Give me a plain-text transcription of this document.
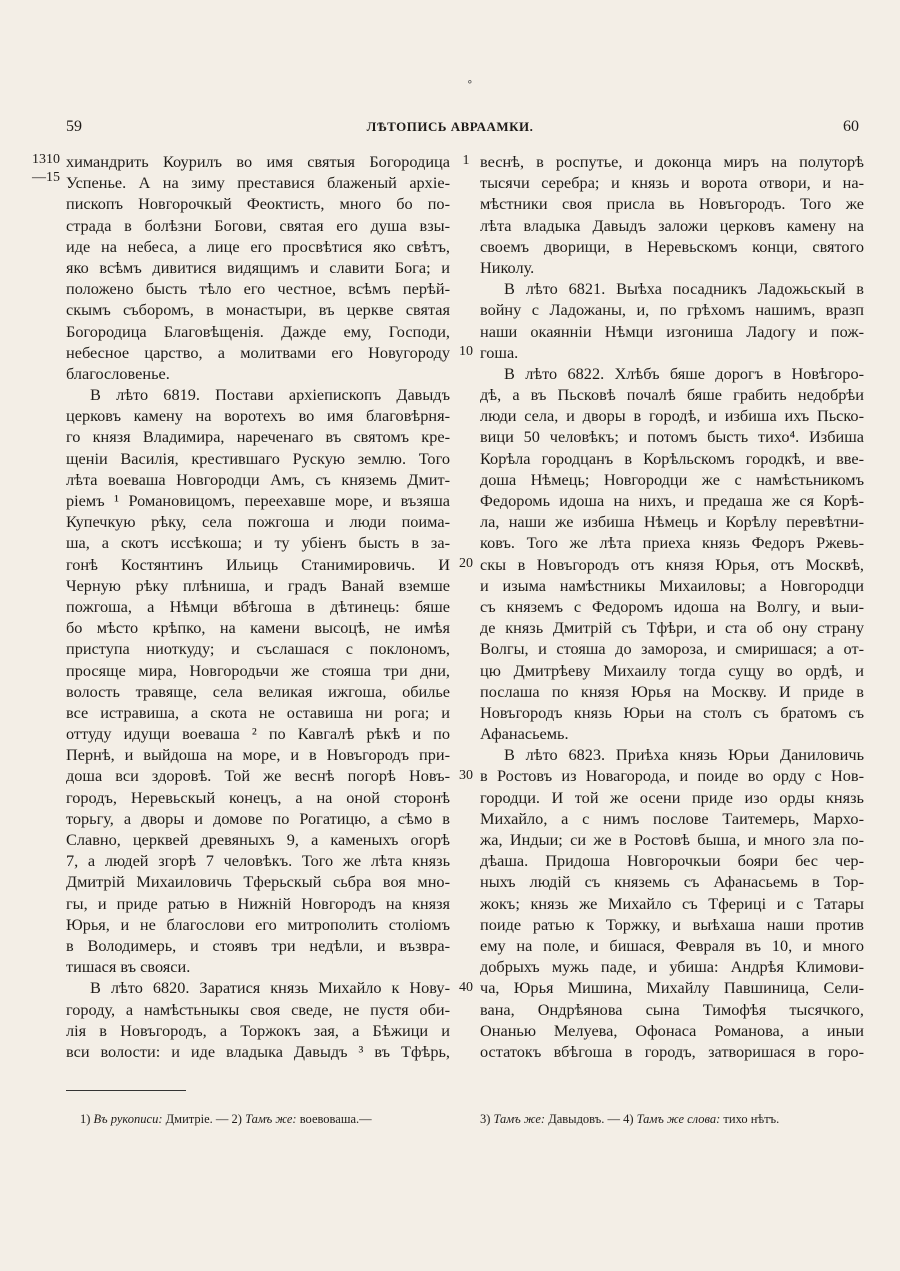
°
59	ЛѢТОПИСЬ АВРААМКИ.	60
1310
—15
1
10
20
30
40
химандрить Коурилъ во имя святыя Богородица
Успенье. А на зиму преставися блаженый архіе-
пископъ Новгорочкый Феоктисть, много бо по-
страда в болѣзни Богови, святая его душа взы-
иде на небеса, а лице его просвѣтися яко свѣтъ,
яко всѣмъ дивитися видящимъ и славити Бога; и
положено бысть тѣло его честное, всѣмъ перѣй-
скымъ съборомъ, в монастыри, въ церкве святая
Богородица Благовѣщенія. Дажде ему, Господи,
небесное царство, а молитвами его Новугороду
благословенье.
В лѣто 6819. Постави архіепископъ Давыдъ
церковъ камену на воротехъ во имя благовѣрня-
го князя Владимира, нареченаго въ святомъ кре-
щеніи Василія, крестившаго Рускую землю. Того
лѣта воеваша Новгородци Амъ, съ княземь Дмит-
ріемъ ¹ Романовицомъ, переехавше море, и възяша
Купечкую рѣку, села пожгоша и люди поима-
ша, а скотъ иссѣкоша; и ту убіенъ бысть в за-
гонѣ Костянтинъ Ильиць Станимировичь. И
Черную рѣку плѣниша, и градъ Ванай вземше
пожгоша, а Нѣмци вбѣгоша в дѣтинець: бяше
бо мѣсто крѣпко, на камени высоцѣ, не имѣя
приступа ниоткуду; и съслашася с поклономъ,
просяще мира, Новгородьчи же стояша три дни,
волость травяще, села великая ижгоша, обилье
все истравиша, а скота не оставиша ни рога; и
оттуду идущи воеваша ² по Кавгалѣ рѣкѣ и по
Пернѣ, и выйдоша на море, и в Новъгородъ при-
доша вси здоровѣ. Той же веснѣ погорѣ Новъ-
городъ, Неревьскый конецъ, а на оной сторонѣ
торьгу, а дворы и домове по Рогатицю, а сѣмо в
Славно, церквей древяныхъ 9, а каменыхъ огорѣ
7, а людей згорѣ 7 человѣкъ. Того же лѣта князь
Дмитрій Михаиловичь Тферьскый сьбра воя мно-
гы, и приде ратью в Нижній Новгородъ на князя
Юрья, и не благослови его митрополить століомъ
в Володимерь, и стоявъ три недѣли, и възвра-
тишася въ свояси.
В лѣто 6820. Заратися князь Михайло к Нову-
городу, а намѣстьныкы своя сведе, не пустя оби-
лія в Новъгородъ, а Торжокъ зая, а Бѣжици и
вси волости: и иде владыка Давыдъ ³ въ Тфѣрь,
веснѣ, в роспутье, и доконца миръ на полуторѣ
тысячи серебра; и князь и ворота отвори, и на-
мѣстники своя присла вь Новъгородъ. Того же
лѣта владыка Давыдъ заложи церковъ камену на
своемъ дворищи, в Неревьскомъ конци, святого
Николу.
В лѣто 6821. Выѣха посадникъ Ладожьскый в
войну с Ладожаны, и, по грѣхомъ нашимъ, вразп
наши окаянніи Нѣмци изгониша Ладогу и пож-
гоша.
В лѣто 6822. Хлѣбъ бяше дорогъ в Новѣгоро-
дѣ, а въ Пьсковѣ почалѣ бяше грабить недобрѣи
люди села, и дворы в городѣ, и избиша ихъ Пьско-
вици 50 человѣкъ; и потомъ бысть тихо⁴. Избиша
Корѣла городцанъ в Корѣльскомъ городкѣ, и вве-
доша Нѣмець; Новгородци же с намѣстьникомъ
Федоромь идоша на нихъ, и предаша же ся Корѣ-
ла, наши же избиша Нѣмець и Корѣлу перевѣтни-
ковъ. Того же лѣта приеха князь Федоръ Ржевь-
скы в Новъгородъ отъ князя Юрья, отъ Москвѣ,
и изыма намѣстникы Михаиловы; а Новгородци
съ княземъ с Федоромъ идоша на Волгу, и выи-
де князь Дмитрій съ Тфѣри, и ста об ону страну
Волгы, и стояша до замороза, и смиришася; а от-
цю Дмитрѣеву Михаилу тогда сущу во ордѣ, и
послаша по князя Юрья на Москву. И приде в
Новъгородъ князь Юрьи на столъ съ братомъ съ
Афанасьемь.
В лѣто 6823. Приѣха князь Юрьи Даниловичь
в Ростовъ из Новагорода, и поиде во орду с Нов-
городци. И той же осени приде изо орды князь
Михайло, а с нимъ послове Таитемерь, Мархо-
жа, Индыи; си же в Ростовѣ быша, и много зла по-
дѣаша. Придоша Новгорочкыи бояри бес чер-
ныхъ людій съ княземь съ Афанасьемь в Тор-
жокъ; князь же Михайло съ Тфериці и с Татары
поиде ратью к Торжку, и выѣхаша наши против
ему на поле, и бишася, Февраля въ 10, и много
добрыхъ мужь паде, и убиша: Андрѣя Климови-
ча, Юрья Мишина, Михайлу Павшиница, Сели-
вана, Ондрѣянова сына Тимофѣя тысячкого,
Онанью Мелуева, Офонаса Романова, а иныи
остатокъ вбѣгоша в городъ, затворишася в горо-
1) Въ рукописи: Дмитріе. — 2) Тамъ же: воевоваша.—	3) Тамъ же: Давыдовъ. — 4) Тамъ же слова: тихо нѣтъ.
